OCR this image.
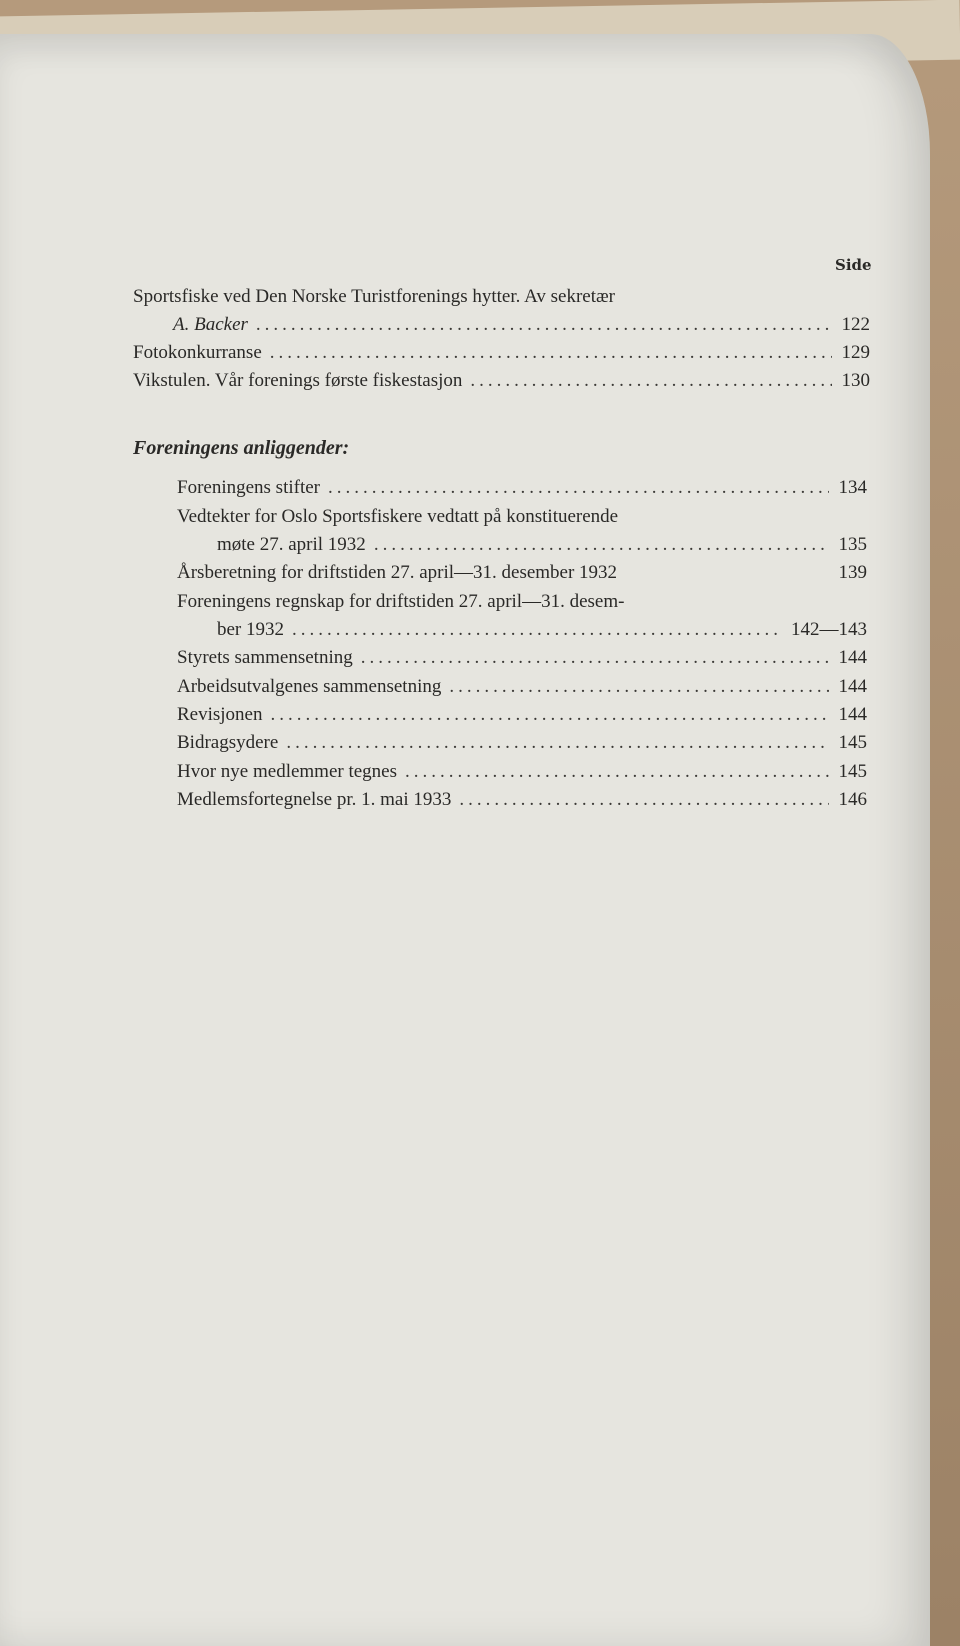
Side
Sportsfiske ved Den Norske Turistforenings hytter. Av sekretær
A. Backer .....	122
Fotokonkurranse .....	129
Vikstulen. Vår forenings første fiskestasjon .....	130
Foreningens anliggender:
Foreningens stifter .....	134
Vedtekter for Oslo Sportsfiskere vedtatt på konstituerende
møte 27. april 1932 .....	135
Årsberetning for driftstiden 27. april—31. desember 1932	139
Foreningens regnskap for driftstiden 27. april—31. desem-
ber 1932 .....	142—143
Styrets sammensetning .....	144
Arbeidsutvalgenes sammensetning .....	144
Revisjonen .....	144
Bidragsydere .....	145
Hvor nye medlemmer tegnes .....	145
Medlemsfortegnelse pr. 1. mai 1933 .....	146
